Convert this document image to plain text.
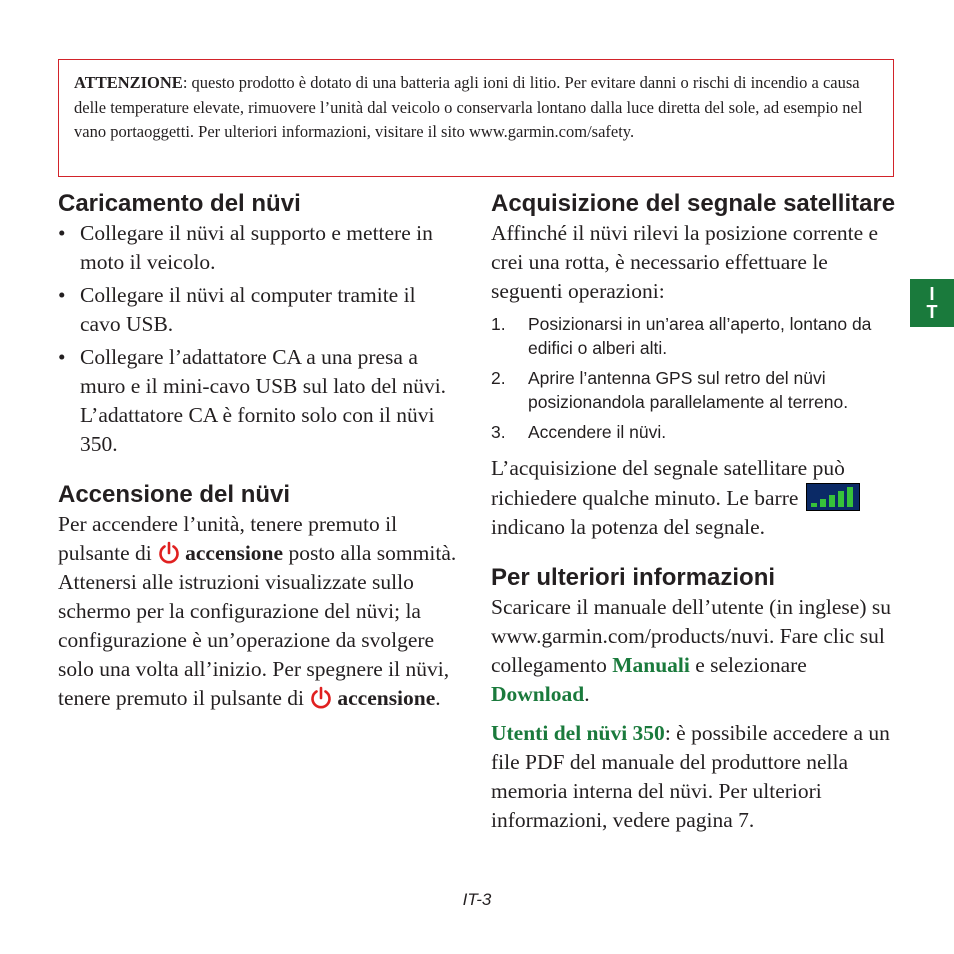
ATTENZIONE: questo prodotto è dotato di una batteria agli ioni di litio. Per evitare danni o rischi di incendio a causa delle temperature elevate, rimuovere l’unità dal veicolo o conservarla lontano dalla luce diretta del sole, ad esempio nel vano portaoggetti. Per ulteriori informazioni, visitare il sito www.garmin.com/safety.
Caricamento del nüvi
• Collegare il nüvi al supporto e mettere in moto il veicolo.
• Collegare il nüvi al computer tramite il cavo USB.
• Collegare l’adattatore CA a una presa a muro e il mini-cavo USB sul lato del nüvi. L’adattatore CA è fornito solo con il nüvi 350.
Accensione del nüvi

Per accendere l’unità, tenere premuto il pulsante di accensione posto alla sommità. Attenersi alle istruzioni visualizzate sullo schermo per la configurazione del nüvi; la configurazione è un’operazione da svolgere solo una volta all’inizio. Per spegnere il nüvi, tenere premuto il pulsante di accensione.

Acquisizione del segnale satellitare

Affinché il nüvi rilevi la posizione corrente e crei una rotta, è necessario effettuare le seguenti operazioni:

1. Posizionarsi in un’area all’aperto, lontano da edifici o alberi alti.
2. Aprire l’antenna GPS sul retro del nüvi posizionandola parallelamente al terreno.
3. Accendere il nüvi.

L’acquisizione del segnale satellitare può richiedere qualche minuto. Le barre  indicano la potenza del segnale.

Per ulteriori informazioni

Scaricare il manuale dell’utente (in inglese) su www.garmin.com/products/nuvi. Fare clic sul collegamento Manuali e selezionare Download.

Utenti del nüvi 350: è possibile accedere a un file PDF del manuale del produttore nella memoria interna del nüvi. Per ulteriori informazioni, vedere pagina 7.

I
T
IT-3
